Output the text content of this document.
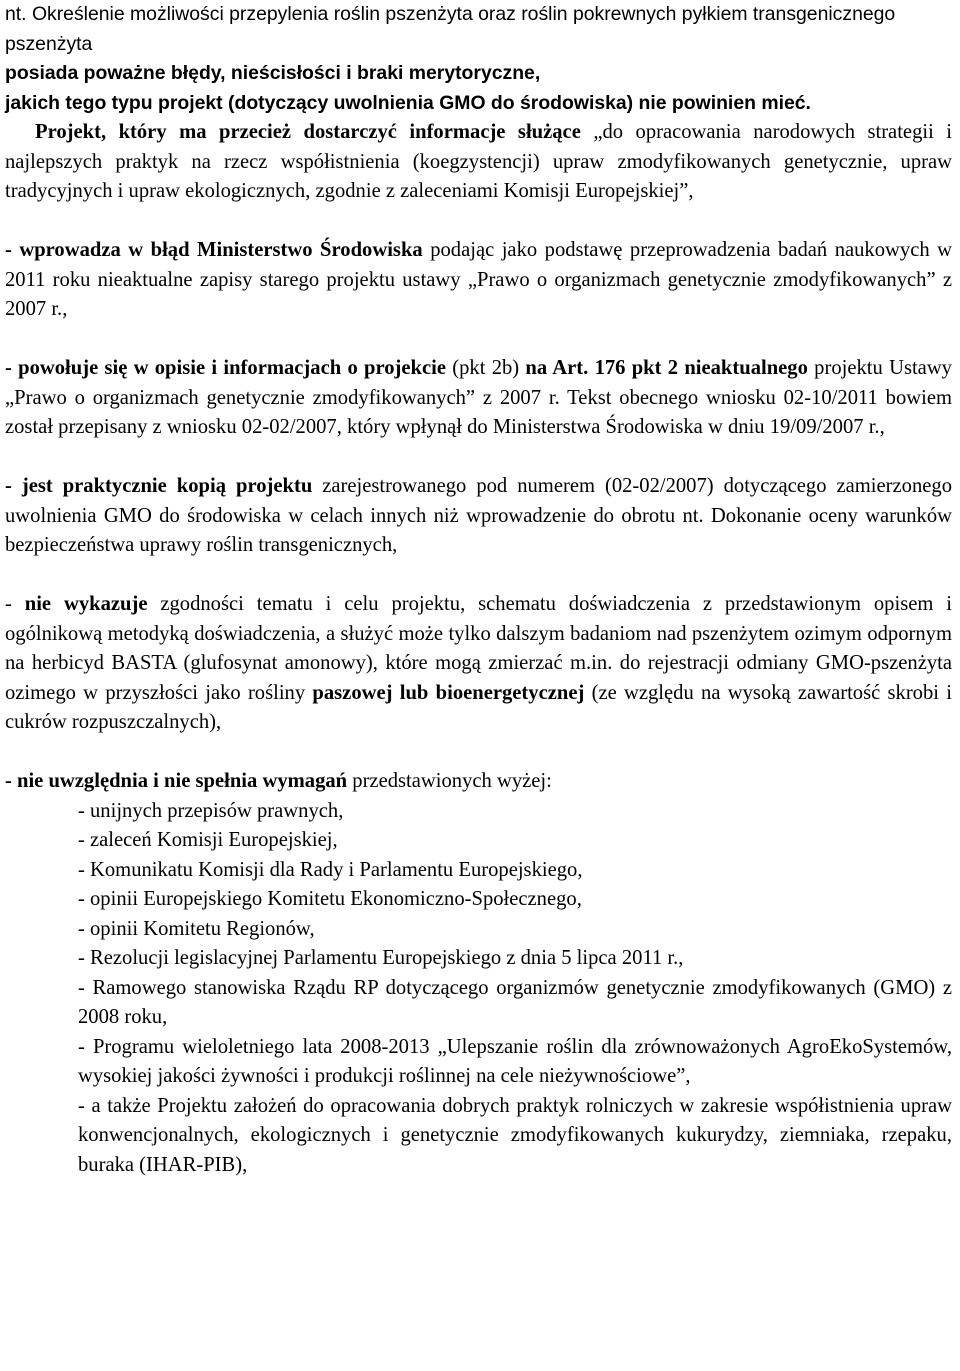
nt. Określenie możliwości przepylenia roślin pszenżyta oraz roślin pokrewnych pyłkiem transgenicznego pszenżyta
posiada poważne błędy, nieścisłości i braki merytoryczne,
jakich tego typu projekt (dotyczący uwolnienia GMO do środowiska) nie powinien mieć.

Projekt, który ma przecież dostarczyć informacje służące „do opracowania narodowych strategii i najlepszych praktyk na rzecz współistnienia (koegzystencji) upraw zmodyfikowanych genetycznie, upraw tradycyjnych i upraw ekologicznych, zgodnie z zaleceniami Komisji Europejskiej”,

- wprowadza w błąd Ministerstwo Środowiska podając jako podstawę przeprowadzenia badań naukowych w 2011 roku nieaktualne zapisy starego projektu ustawy „Prawo o organizmach genetycznie zmodyfikowanych” z 2007 r.,

- powołuje się w opisie i informacjach o projekcie (pkt 2b) na Art. 176 pkt 2 nieaktualnego projektu Ustawy „Prawo o organizmach genetycznie zmodyfikowanych” z 2007 r. Tekst obecnego wniosku 02-10/2011 bowiem został przepisany z wniosku 02-02/2007, który wpłynął do Ministerstwa Środowiska w dniu 19/09/2007 r.,

- jest praktycznie kopią projektu zarejestrowanego pod numerem (02-02/2007) dotyczącego zamierzonego uwolnienia GMO do środowiska w celach innych niż wprowadzenie do obrotu nt. Dokonanie oceny warunków bezpieczeństwa uprawy roślin transgenicznych,

- nie wykazuje zgodności tematu i celu projektu, schematu doświadczenia z przedstawionym opisem i ogólnikową metodyką doświadczenia, a służyć może tylko dalszym badaniom nad pszenżytem ozimym odpornym na herbicyd BASTA (glufosynat amonowy), które mogą zmierzać m.in. do rejestracji odmiany GMO-pszenżyta ozimego w przyszłości jako rośliny paszowej lub bioenergetycznej (ze względu na wysoką zawartość skrobi i cukrów rozpuszczalnych),

- nie uwzględnia i nie spełnia wymagań przedstawionych wyżej:

- unijnych przepisów prawnych,
- zaleceń Komisji Europejskiej,
- Komunikatu Komisji dla Rady i Parlamentu Europejskiego,
- opinii Europejskiego Komitetu Ekonomiczno-Społecznego,
- opinii Komitetu Regionów,
- Rezolucji legislacyjnej Parlamentu Europejskiego z dnia 5 lipca 2011 r.,
- Ramowego stanowiska Rządu RP dotyczącego organizmów genetycznie zmodyfikowanych (GMO) z 2008 roku,
- Programu wieloletniego lata 2008-2013 „Ulepszanie roślin dla zrównoważonych AgroEkoSystemów, wysokiej jakości żywności i produkcji roślinnej na cele nieżywnościowe”,
- a także Projektu założeń do opracowania dobrych praktyk rolniczych w zakresie współistnienia upraw konwencjonalnych, ekologicznych i genetycznie zmodyfikowanych kukurydzy, ziemniaka, rzepaku, buraka (IHAR-PIB),
